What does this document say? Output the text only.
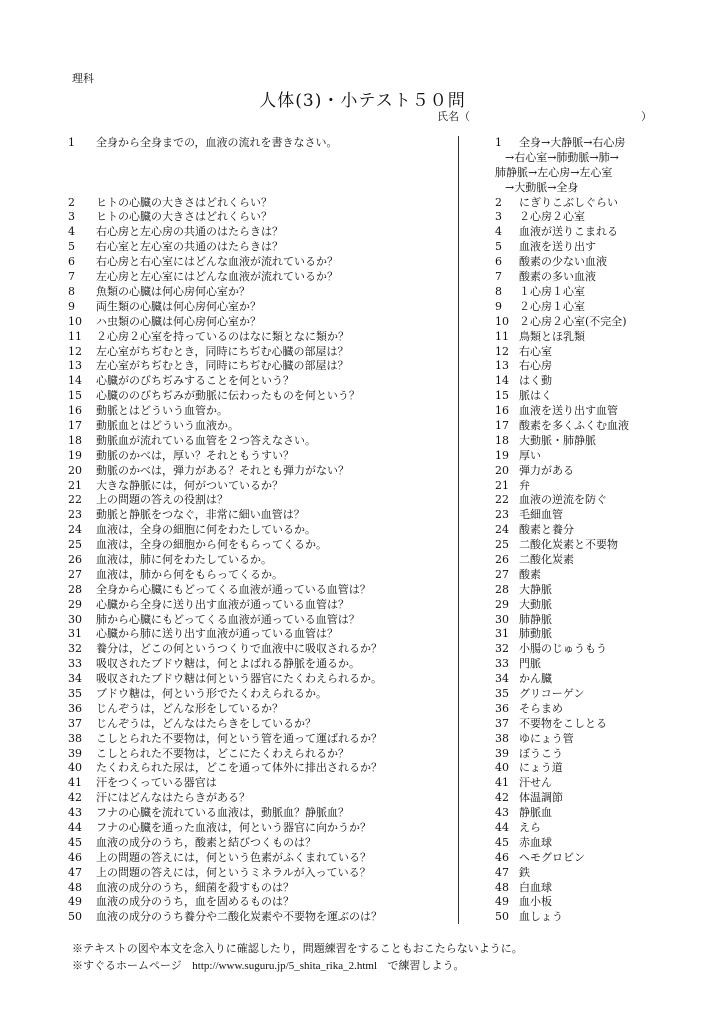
理科
人体(3)・小テスト５０問
氏名（	）
1	全身から全身までの，血液の流れを書きなさい。
2	ヒトの心臓の大きさはどれくらい？
3	ヒトの心臓の大きさはどれくらい？
4	右心房と左心房の共通のはたらきは？
5	右心室と左心室の共通のはたらきは？
6	右心房と右心室にはどんな血液が流れているか？
7	左心房と左心室にはどんな血液が流れているか？
8	魚類の心臓は何心房何心室か？
9	両生類の心臓は何心房何心室か？
10	ハ虫類の心臓は何心房何心室か？
11	２心房２心室を持っているのはなに類となに類か？
12	左心室がちぢむとき，同時にちぢむ心臓の部屋は？
13	左心室がちぢむとき，同時にちぢむ心臓の部屋は？
14	心臓がのびちぢみすることを何という？
15	心臓ののびちぢみが動脈に伝わったものを何という？
16	動脈とはどういう血管か。
17	動脈血とはどういう血液か。
18	動脈血が流れている血管を２つ答えなさい。
19	動脈のかべは，厚い？それともうすい？
20	動脈のかべは，弾力がある？それとも弾力がない？
21	大きな静脈には，何がついているか？
22	上の問題の答えの役割は？
23	動脈と静脈をつなぐ，非常に細い血管は？
24	血液は，全身の細胞に何をわたしているか。
25	血液は，全身の細胞から何をもらってくるか。
26	血液は，肺に何をわたしているか。
27	血液は，肺から何をもらってくるか。
28	全身から心臓にもどってくる血液が通っている血管は？
29	心臓から全身に送り出す血液が通っている血管は？
30	肺から心臓にもどってくる血液が通っている血管は？
31	心臓から肺に送り出す血液が通っている血管は？
32	養分は，どこの何というつくりで血液中に吸収されるか？
33	吸収されたブドウ糖は，何とよばれる静脈を通るか。
34	吸収されたブドウ糖は何という器官にたくわえられるか。
35	ブドウ糖は，何という形でたくわえられるか。
36	じんぞうは，どんな形をしているか？
37	じんぞうは，どんなはたらきをしているか？
38	こしとられた不要物は，何という管を通って運ばれるか？
39	こしとられた不要物は，どこにたくわえられるか？
40	たくわえられた尿は，どこを通って体外に排出されるか？
41	汗をつくっている器官は
42	汗にはどんなはたらきがある？
43	フナの心臓を流れている血液は，動脈血？静脈血？
44	フナの心臓を通った血液は，何という器官に向かうか？
45	血液の成分のうち，酸素と結びつくものは？
46	上の問題の答えには，何という色素がふくまれている？
47	上の問題の答えには，何というミネラルが入っている？
48	血液の成分のうち，細菌を殺すものは？
49	血液の成分のうち，血を固めるものは？
50	血液の成分のうち養分や二酸化炭素や不要物を運ぶのは？
1	全身→大静脈→右心房
→右心室→肺動脈→肺→
肺静脈→左心房→左心室
→大動脈→全身
2	にぎりこぶしぐらい
3	２心房２心室
4	血液が送りこまれる
5	血液を送り出す
6	酸素の少ない血液
7	酸素の多い血液
8	１心房１心室
9	２心房１心室
10 ２心房２心室(不完全)
11 鳥類とほ乳類
12 右心室
13 右心房
14 はく動
15 脈はく
16 血液を送り出す血管
17 酸素を多くふくむ血液
18 大動脈・肺静脈
19 厚い
20 弾力がある
21 弁
22 血液の逆流を防ぐ
23 毛細血管
24 酸素と養分
25 二酸化炭素と不要物
26 二酸化炭素
27 酸素
28 大静脈
29 大動脈
30 肺静脈
31 肺動脈
32 小腸のじゅうもう
33 門脈
34 かん臓
35 グリコーゲン
36 そらまめ
37 不要物をこしとる
38 ゆにょう管
39 ぼうこう
40 にょう道
41 汗せん
42 体温調節
43 静脈血
44 えら
45 赤血球
46 ヘモグロビン
47 鉄
48 白血球
49 血小板
50 血しょう
※テキストの図や本文を念入りに確認したり，問題練習をすることもおこたらないように。
※すぐるホームページ http://www.suguru.jp/5_shita_rika_2.html で練習しよう。
